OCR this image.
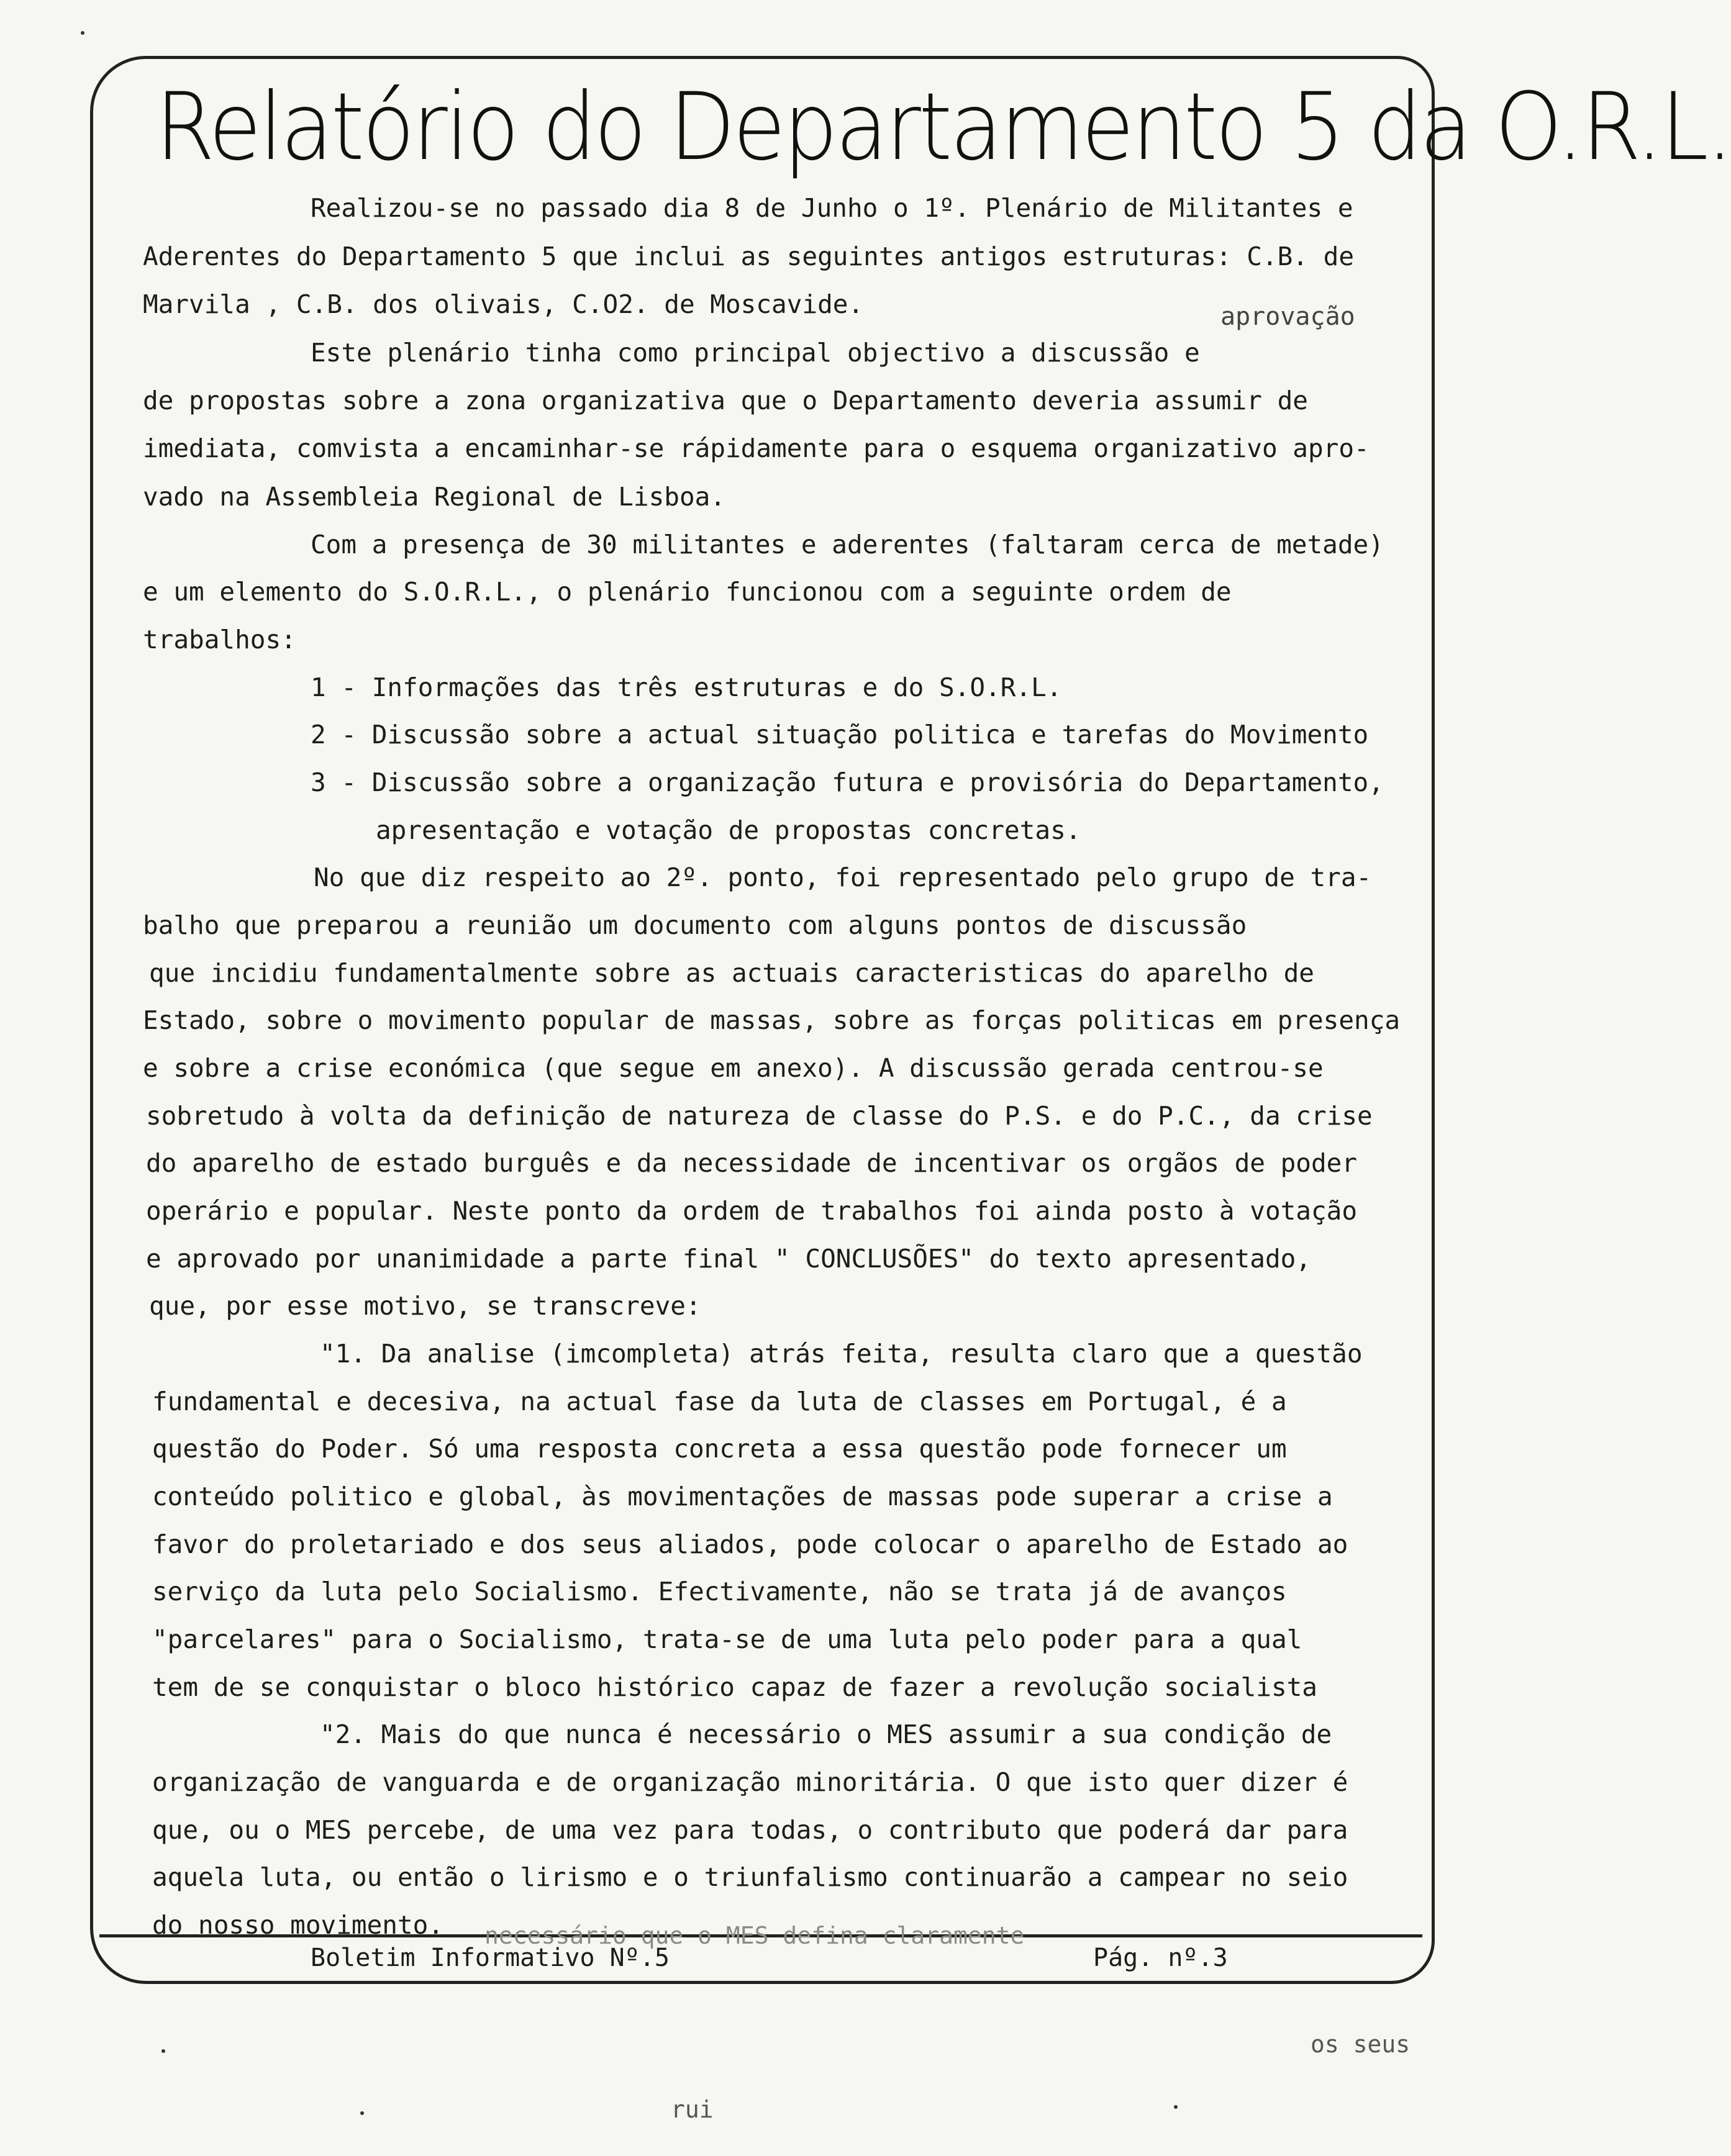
Relatório do Departamento 5 da O.R.L.
aprovação
Realizou-se no passado dia 8 de Junho o 1º. Plenário de Militantes e
Aderentes do Departamento 5 que inclui as seguintes antigos estruturas: C.B. de
Marvila , C.B. dos olivais, C.O2. de Moscavide.
Este plenário tinha como principal objectivo a discussão e
de propostas sobre a zona organizativa que o Departamento deveria assumir de
imediata, comvista a encaminhar-se rápidamente para o esquema organizativo apro-
vado na Assembleia Regional de Lisboa.
Com a presença de 30 militantes e aderentes (faltaram cerca de metade)
e um elemento do S.O.R.L., o plenário funcionou com a seguinte ordem de
trabalhos:
1 - Informações das três estruturas e do S.O.R.L.
2 - Discussão sobre a actual situação politica e tarefas do Movimento
3 - Discussão sobre a organização futura e provisória do Departamento,
apresentação e votação de propostas concretas.
No que diz respeito ao 2º. ponto, foi representado pelo grupo de tra-
balho que preparou a reunião um documento com alguns pontos de discussão
que incidiu fundamentalmente sobre as actuais caracteristicas do aparelho de
Estado, sobre o movimento popular de massas, sobre as forças politicas em presença
e sobre a crise económica (que segue em anexo). A discussão gerada centrou-se
sobretudo à volta da definição de natureza de classe do P.S. e do P.C., da crise
do aparelho de estado burguês e da necessidade de incentivar os orgãos de poder
operário e popular. Neste ponto da ordem de trabalhos foi ainda posto à votação
e aprovado por unanimidade a parte final " CONCLUSÕES" do texto apresentado,
que, por esse motivo, se transcreve:
"1. Da analise (imcompleta) atrás feita, resulta claro que a questão
fundamental e decesiva, na actual fase da luta de classes em Portugal, é a
questão do Poder. Só uma resposta concreta a essa questão pode fornecer um
conteúdo politico e global, às movimentações de massas pode superar a crise a
favor do proletariado e dos seus aliados, pode colocar o aparelho de Estado ao
serviço da luta pelo Socialismo. Efectivamente, não se trata já de avanços
"parcelares" para o Socialismo, trata-se de uma luta pelo poder para a qual
tem de se conquistar o bloco histórico capaz de fazer a revolução socialista
"2. Mais do que nunca é necessário o MES assumir a sua condição de
organização de vanguarda e de organização minoritária. O que isto quer dizer é
que, ou o MES percebe, de uma vez para todas, o contributo que poderá dar para
aquela luta, ou então o lirismo e o triunfalismo continuarão a campear no seio
do nosso movimento. necessário que o MES defina claramente
Boletim Informativo Nº.5	Pág. nº.3
os seus
rui
